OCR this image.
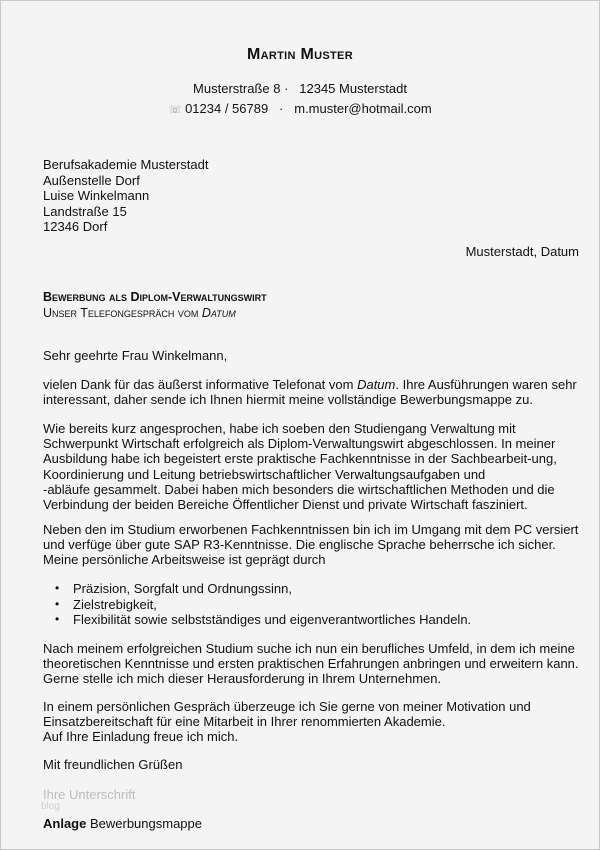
Martin Muster
Musterstraße 8 · 12345 Musterstadt
☏ 01234 / 56789 · m.muster@hotmail.com
Berufsakademie Musterstadt
Außenstelle Dorf
Luise Winkelmann
Landstraße 15
12346 Dorf
Musterstadt, Datum
Bewerbung als Diplom-Verwaltungswirt
Unser Telefongespräch vom Datum
Sehr geehrte Frau Winkelmann,
vielen Dank für das äußerst informative Telefonat vom Datum. Ihre Ausführungen waren sehr interessant, daher sende ich Ihnen hiermit meine vollständige Bewerbungsmappe zu.
Wie bereits kurz angesprochen, habe ich soeben den Studiengang Verwaltung mit Schwerpunkt Wirtschaft erfolgreich als Diplom-Verwaltungswirt abgeschlossen. In meiner Ausbildung habe ich begeistert erste praktische Fachkenntnisse in der Sachbearbeit-ung, Koordinierung und Leitung betriebswirtschaftlicher Verwaltungsaufgaben und
-abläufe gesammelt. Dabei haben mich besonders die wirtschaftlichen Methoden und die Verbindung der beiden Bereiche Öffentlicher Dienst und private Wirtschaft fasziniert.
Neben den im Studium erworbenen Fachkenntnissen bin ich im Umgang mit dem PC versiert und verfüge über gute SAP R3-Kenntnisse. Die englische Sprache beherrsche ich sicher. Meine persönliche Arbeitsweise ist geprägt durch
• Präzision, Sorgfalt und Ordnungssinn,
• Zielstrebigkeit,
• Flexibilität sowie selbstständiges und eigenverantwortliches Handeln.
Nach meinem erfolgreichen Studium suche ich nun ein berufliches Umfeld, in dem ich meine theoretischen Kenntnisse und ersten praktischen Erfahrungen anbringen und erweitern kann. Gerne stelle ich mich dieser Herausforderung in Ihrem Unternehmen.
In einem persönlichen Gespräch überzeuge ich Sie gerne von meiner Motivation und Einsatzbereitschaft für eine Mitarbeit in Ihrer renommierten Akademie.
Auf Ihre Einladung freue ich mich.
Mit freundlichen Grüßen
Ihre Unterschrift
blog
Anlage Bewerbungsmappe
